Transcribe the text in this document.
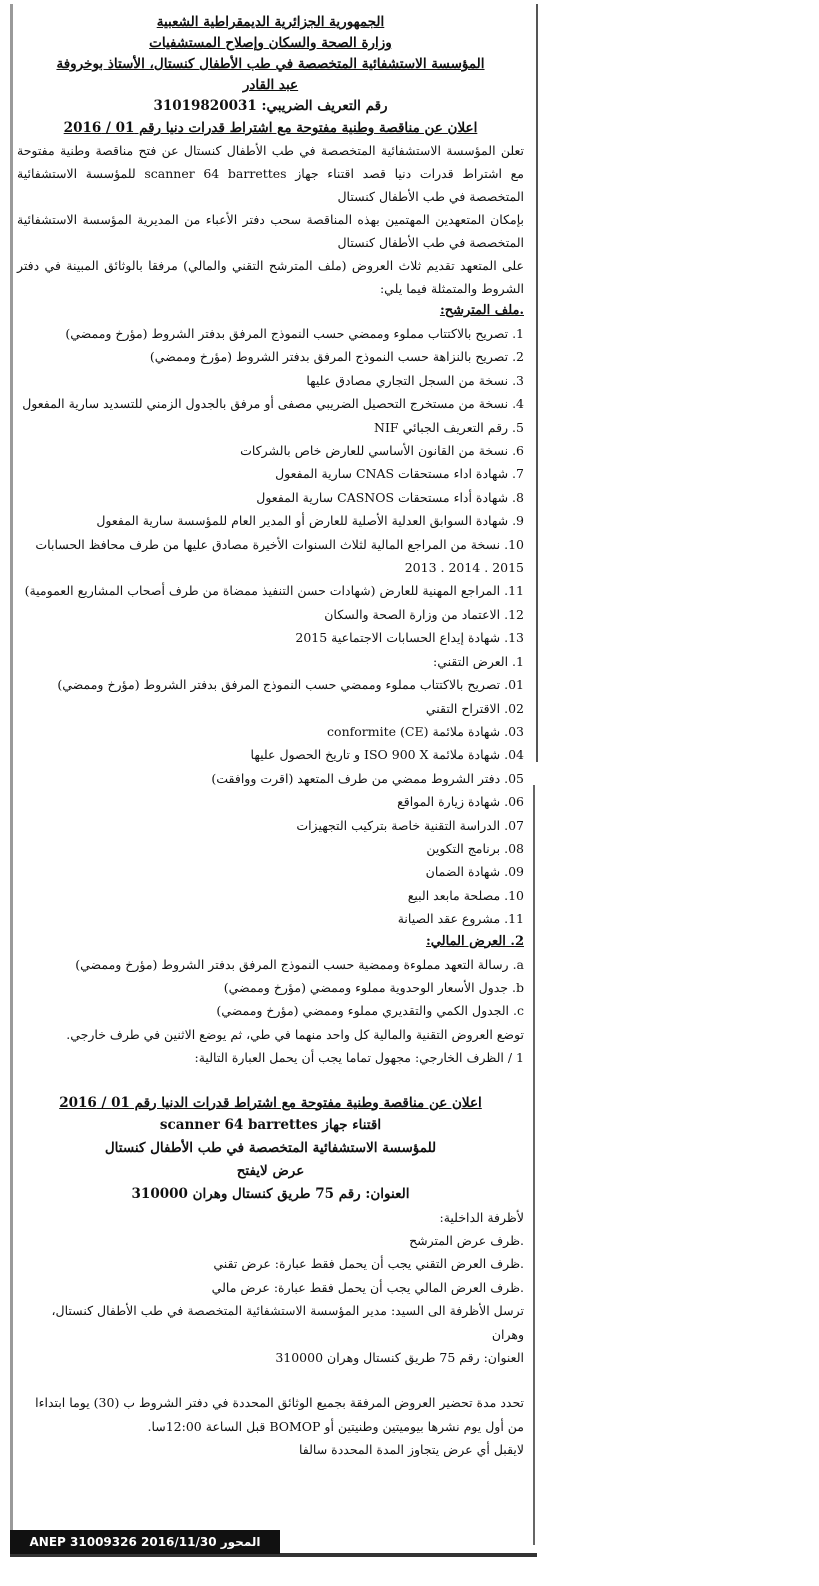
الجمهورية الجزائرية الديمقراطية الشعبية
وزارة الصحة والسكان وإصلاح المستشفيات
المؤسسة الاستشفائية المتخصصة في طب الأطفال كنستال، الأستاذ بوخروفة
عبد القادر
رقم التعريف الضريبي: 31019820031
اعلان عن مناقصة وطنية مفتوحة مع اشتراط قدرات دنيا رقم 01 / 2016

تعلن المؤسسة الاستشفائية المتخصصة في طب الأطفال كنستال عن فتح مناقصة وطنية مفتوحة مع اشتراط قدرات دنيا قصد اقتناء جهاز scanner 64 barrettes للمؤسسة الاستشفائية المتخصصة في طب الأطفال كنستال

بإمكان المتعهدين المهتمين بهذه المناقصة سحب دفتر الأعباء من المديرية المؤسسة الاستشفائية المتخصصة في طب الأطفال كنستال

على المتعهد تقديم ثلاث العروض (ملف المترشح التقني والمالي) مرفقا بالوثائق المبينة في دفتر الشروط والمتمثلة فيما يلي:

.ملف المترشح:

1. تصريح بالاكتتاب مملوء وممضي حسب النموذج المرفق بدفتر الشروط (مؤرخ وممضي)
2. تصريح بالنزاهة حسب النموذج المرفق بدفتر الشروط (مؤرخ وممضي)
3. نسخة من السجل التجاري مصادق عليها
4. نسخة من مستخرج التحصيل الضريبي مصفى أو مرفق بالجدول الزمني للتسديد سارية المفعول
5. رقم التعريف الجبائي NIF
6. نسخة من القانون الأساسي للعارض خاص بالشركات
7. شهادة اداء مستحقات CNAS سارية المفعول
8. شهادة أداء مستحقات CASNOS سارية المفعول
9. شهادة السوابق العدلية الأصلية للعارض أو المدير العام للمؤسسة سارية المفعول
10. نسخة من المراجع المالية لثلاث السنوات الأخيرة مصادق عليها من طرف محافظ الحسابات 2015 . 2014 . 2013
11. المراجع المهنية للعارض (شهادات حسن التنفيذ ممضاة من طرف أصحاب المشاريع العمومية)
12. الاعتماد من وزارة الصحة والسكان
13. شهادة إيداع الحسابات الاجتماعية 2015
1. العرض التقني:
01. تصريح بالاكتتاب مملوء وممضي حسب النموذج المرفق بدفتر الشروط (مؤرخ وممضي)
02. الاقتراح التقني
03. شهادة ملائمة (CE) conformite
04. شهادة ملائمة ISO 900 X و تاريخ الحصول عليها
05. دفتر الشروط ممضي من طرف المتعهد (اقرت ووافقت)
06. شهادة زيارة المواقع
07. الدراسة التقنية خاصة بتركيب التجهيزات
08. برنامج التكوين
09. شهادة الضمان
10. مصلحة مابعد البيع
11. مشروع عقد الصيانة

2. العرض المالي:

a. رسالة التعهد مملوءة وممضية حسب النموذج المرفق بدفتر الشروط (مؤرخ وممضي)
b. جدول الأسعار الوحدوية مملوء وممضي (مؤرخ وممضي)
c. الجدول الكمي والتقديري مملوء وممضي (مؤرخ وممضي)
توضع العروض التقنية والمالية كل واحد منهما في طي، ثم يوضع الاثنين في طرف خارجي.
1 / الظرف الخارجي: مجهول تماما يجب أن يحمل العبارة التالية:
اعلان عن مناقصة وطنية مفتوحة مع اشتراط قدرات الدنيا رقم 01 / 2016
اقتناء جهاز scanner 64 barrettes
للمؤسسة الاستشفائية المتخصصة في طب الأطفال كنستال
عرض لايفتح
العنوان: رقم 75 طريق كنستال وهران 310000
لأظرفة الداخلية:
.ظرف عرض المترشح
.ظرف العرض التقني يجب أن يحمل فقط عبارة: عرض تقني
.ظرف العرض المالي يجب أن يحمل فقط عبارة: عرض مالي
ترسل الأظرفة الى السيد: مدير المؤسسة الاستشفائية المتخصصة في طب الأطفال كنستال، وهران
العنوان: رقم 75 طريق كنستال وهران 310000
تحدد مدة تحضير العروض المرفقة بجميع الوثائق المحددة في دفتر الشروط ب (30) يوما ابتداءا من أول يوم نشرها بيوميتين وطنيتين أو BOMOP قبل الساعة 12:00سا.
لايقبل أي عرض يتجاوز المدة المحددة سالفا
ANEP 31009326 المحور 2016/11/30
